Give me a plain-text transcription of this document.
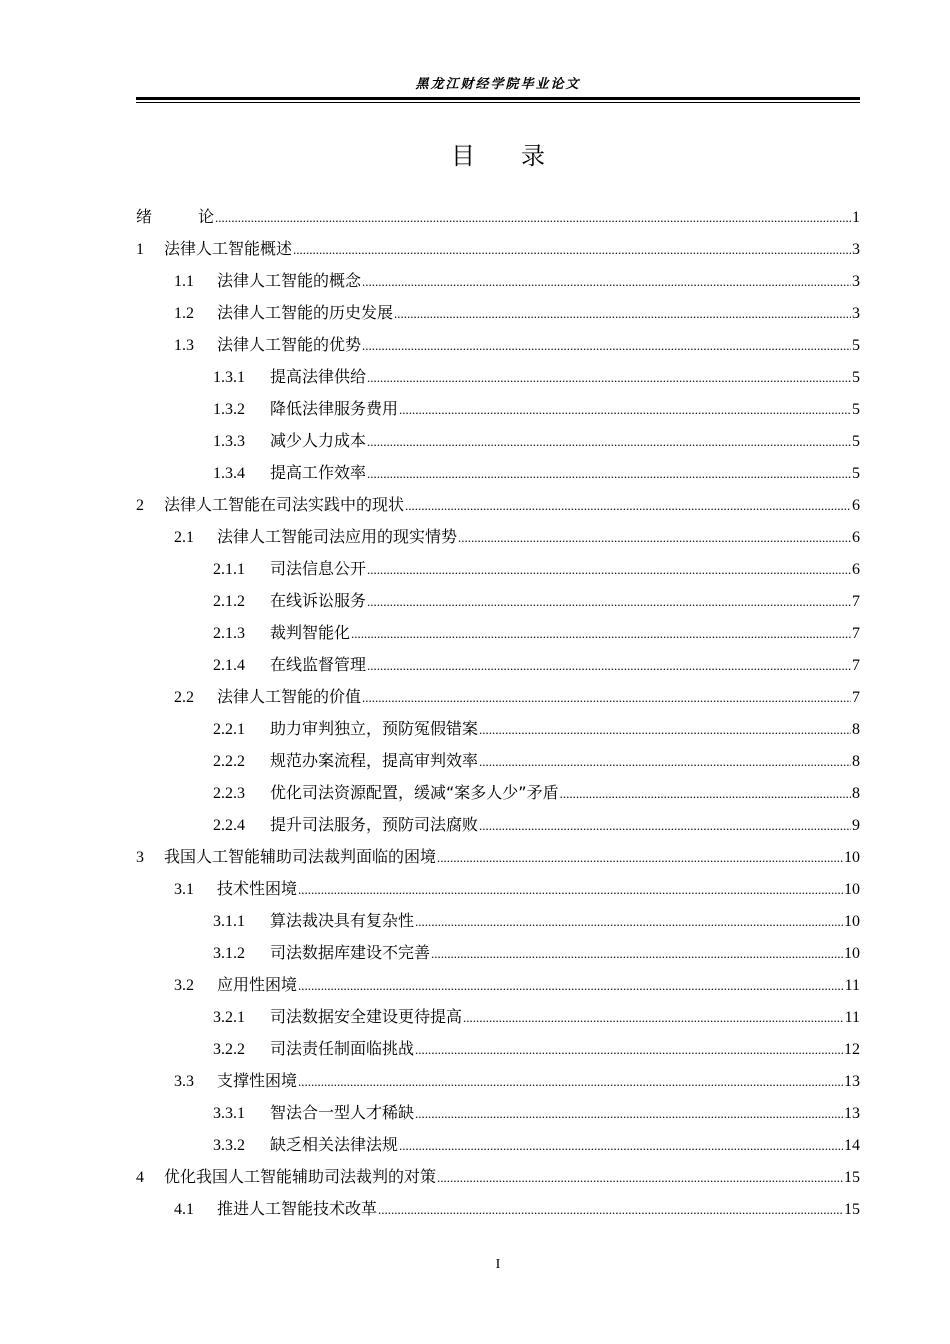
黑龙江财经学院毕业论文
目 录
绪	论 .....	1
1	法律人工智能概述 .....	3
1.1	法律人工智能的概念 .....	3
1.2	法律人工智能的历史发展 .....	3
1.3	法律人工智能的优势 .....	5
1.3.1	提高法律供给 .....	5
1.3.2	降低法律服务费用 .....	5
1.3.3	减少人力成本 .....	5
1.3.4	提高工作效率 .....	5
2	法律人工智能在司法实践中的现状 .....	6
2.1	法律人工智能司法应用的现实情势 .....	6
2.1.1	司法信息公开 .....	6
2.1.2	在线诉讼服务 .....	7
2.1.3	裁判智能化 .....	7
2.1.4	在线监督管理 .....	7
2.2	法律人工智能的价值 .....	7
2.2.1	助力审判独立，预防冤假错案 .....	8
2.2.2	规范办案流程，提高审判效率 .....	8
2.2.3	优化司法资源配置，缓减“案多人少”矛盾 .....	8
2.2.4	提升司法服务，预防司法腐败 .....	9
3	我国人工智能辅助司法裁判面临的困境 .....	10
3.1	技术性困境 .....	10
3.1.1	算法裁决具有复杂性 .....	10
3.1.2	司法数据库建设不完善 .....	10
3.2	应用性困境 .....	11
3.2.1	司法数据安全建设更待提高 .....	11
3.2.2	司法责任制面临挑战 .....	12
3.3	支撑性困境 .....	13
3.3.1	智法合一型人才稀缺 .....	13
3.3.2	缺乏相关法律法规 .....	14
4	优化我国人工智能辅助司法裁判的对策 .....	15
4.1	推进人工智能技术改革 .....	15
I
